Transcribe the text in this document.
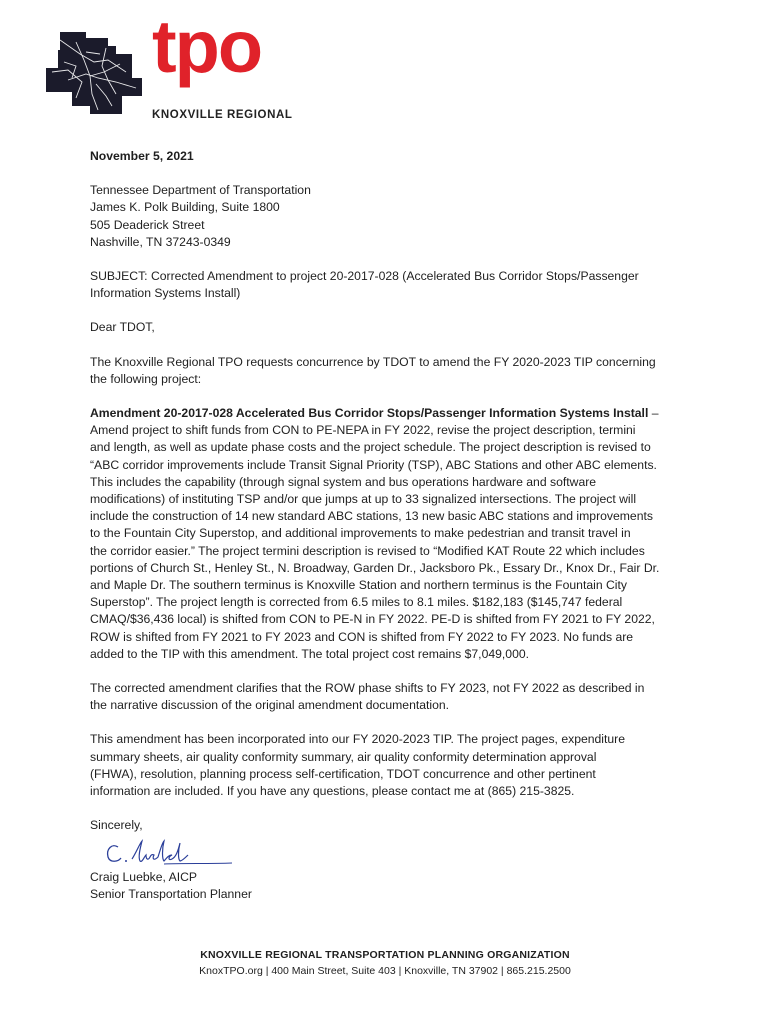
tpo
KNOXVILLE REGIONAL

November 5, 2021

Tennessee Department of Transportation

James K. Polk Building, Suite 1800

505 Deaderick Street

Nashville, TN 37243-0349

SUBJECT: Corrected Amendment to project 20-2017-028 (Accelerated Bus Corridor Stops/Passenger

Information Systems Install)

Dear TDOT,

The Knoxville Regional TPO requests concurrence by TDOT to amend the FY 2020-2023 TIP concerning

the following project:

Amendment 20-2017-028 Accelerated Bus Corridor Stops/Passenger Information Systems Install –

Amend project to shift funds from CON to PE-NEPA in FY 2022, revise the project description, termini

and length, as well as update phase costs and the project schedule. The project description is revised to

“ABC corridor improvements include Transit Signal Priority (TSP), ABC Stations and other ABC elements.

This includes the capability (through signal system and bus operations hardware and software

modifications) of instituting TSP and/or que jumps at up to 33 signalized intersections. The project will

include the construction of 14 new standard ABC stations, 13 new basic ABC stations and improvements

to the Fountain City Superstop, and additional improvements to make pedestrian and transit travel in

the corridor easier.” The project termini description is revised to “Modified KAT Route 22 which includes

portions of Church St., Henley St., N. Broadway, Garden Dr., Jacksboro Pk., Essary Dr., Knox Dr., Fair Dr.

and Maple Dr. The southern terminus is Knoxville Station and northern terminus is the Fountain City

Superstop”. The project length is corrected from 6.5 miles to 8.1 miles. $182,183 ($145,747 federal

CMAQ/$36,436 local) is shifted from CON to PE-N in FY 2022. PE-D is shifted from FY 2021 to FY 2022,

ROW is shifted from FY 2021 to FY 2023 and CON is shifted from FY 2022 to FY 2023. No funds are

added to the TIP with this amendment. The total project cost remains $7,049,000.

The corrected amendment clarifies that the ROW phase shifts to FY 2023, not FY 2022 as described in

the narrative discussion of the original amendment documentation.

This amendment has been incorporated into our FY 2020-2023 TIP. The project pages, expenditure

summary sheets, air quality conformity summary, air quality conformity determination approval

(FHWA), resolution, planning process self-certification, TDOT concurrence and other pertinent

information are included. If you have any questions, please contact me at (865) 215-3825.

Sincerely,

Craig Luebke, AICP

Senior Transportation Planner

KNOXVILLE REGIONAL TRANSPORTATION PLANNING ORGANIZATION
KnoxTPO.org | 400 Main Street, Suite 403 | Knoxville, TN 37902 | 865.215.2500
